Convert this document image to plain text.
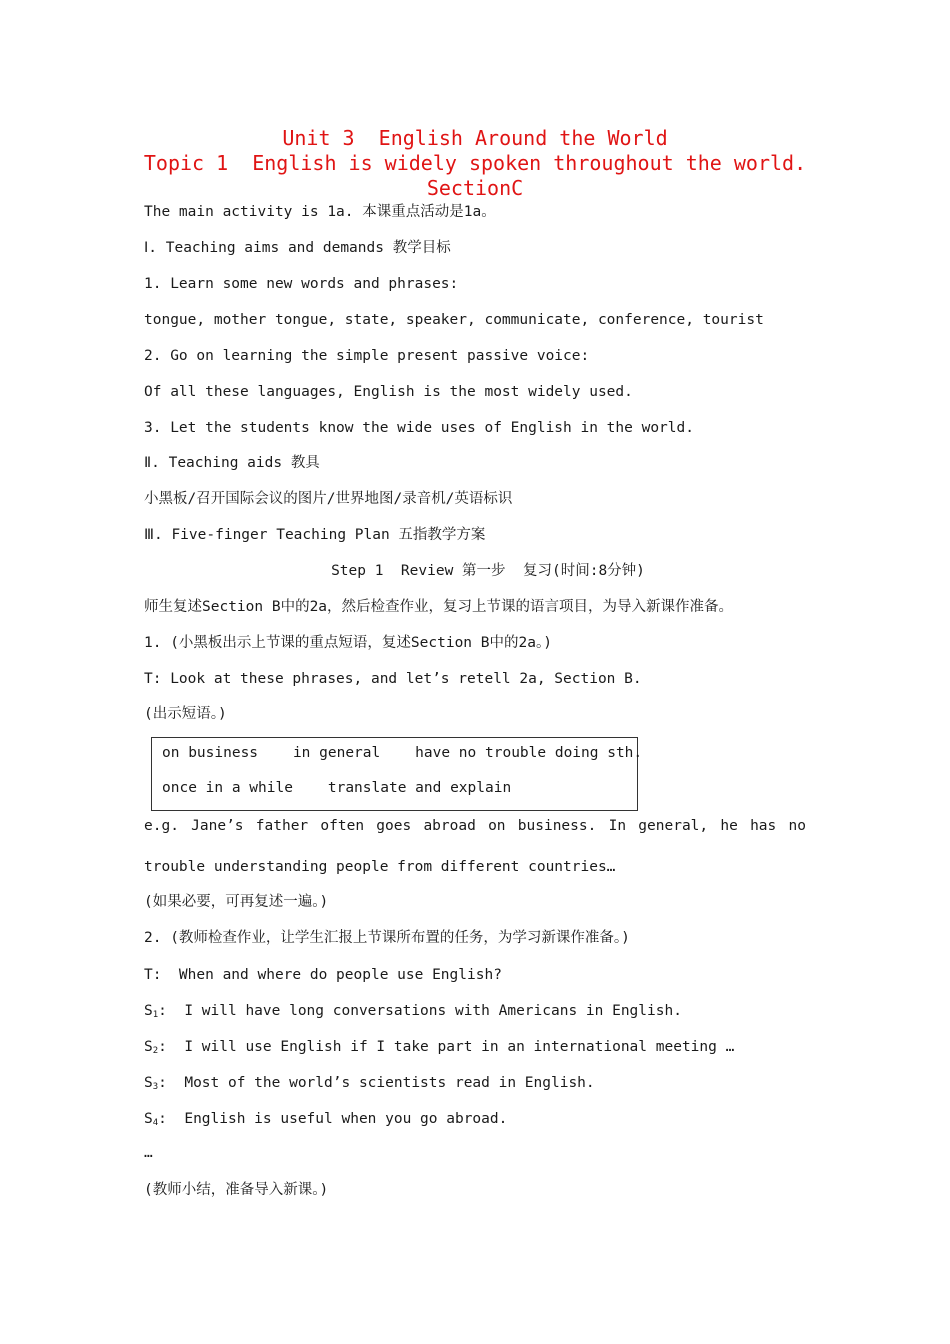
Unit 3  English Around the World
Topic 1  English is widely spoken throughout the world.
SectionC
The main activity is 1a. 本课重点活动是1a。
Ⅰ. Teaching aims and demands 教学目标
1. Learn some new words and phrases:
tongue, mother tongue, state, speaker, communicate, conference, tourist
2. Go on learning the simple present passive voice:
Of all these languages, English is the most widely used.
3. Let the students know the wide uses of English in the world.
Ⅱ. Teaching aids 教具
小黑板/召开国际会议的图片/世界地图/录音机/英语标识
Ⅲ. Five-finger Teaching Plan 五指教学方案
Step 1  Review 第一步  复习(时间:8分钟)
师生复述Section B中的2a，然后检查作业，复习上节课的语言项目，为导入新课作准备。
1. (小黑板出示上节课的重点短语，复述Section B中的2a。)
T: Look at these phrases, and let’s retell 2a, Section B.
(出示短语。)
on business    in general    have no trouble doing sth.
once in a while    translate and explain
e.g. Jane’s father often goes abroad on business. In general, he has no
trouble understanding people from different countries…
(如果必要，可再复述一遍。)
2. (教师检查作业，让学生汇报上节课所布置的任务，为学习新课作准备。)
T:  When and where do people use English?
$S_1$:  I will have long conversations with Americans in English.
$S_2$:  I will use English if I take part in an international meeting …
$S_3$:  Most of the world’s scientists read in English.
$S_4$:  English is useful when you go abroad.
…
(教师小结，准备导入新课。)
